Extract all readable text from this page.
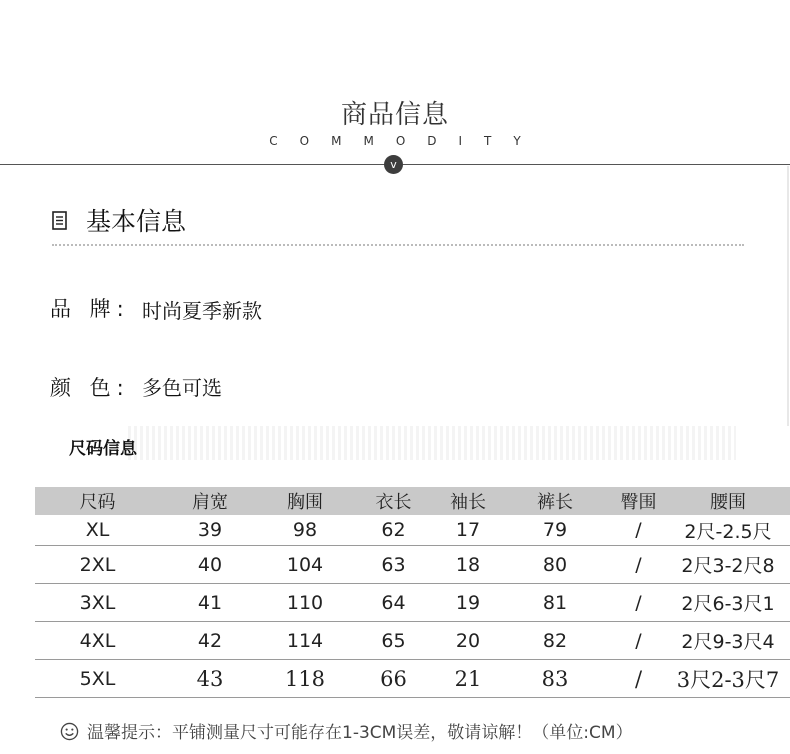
商品信息
COMMODITY
v
基本信息
品 牌: 时尚夏季新款
颜 色: 多色可选
尺码信息
尺码	肩宽	胸围	衣长	袖长	裤长	臀围	腰围
XL	39	98	62	17	79	/	2尺-2.5尺
2XL	40	104	63	18	80	/	2尺3-2尺8
3XL	41	110	64	19	81	/	2尺6-3尺1
4XL	42	114	65	20	82	/	2尺9-3尺4
5XL	43	118	66	21	83	/	3尺2-3尺7
温馨提示：平铺测量尺寸可能存在1-3CM误差，敬请谅解！（单位:CM）
